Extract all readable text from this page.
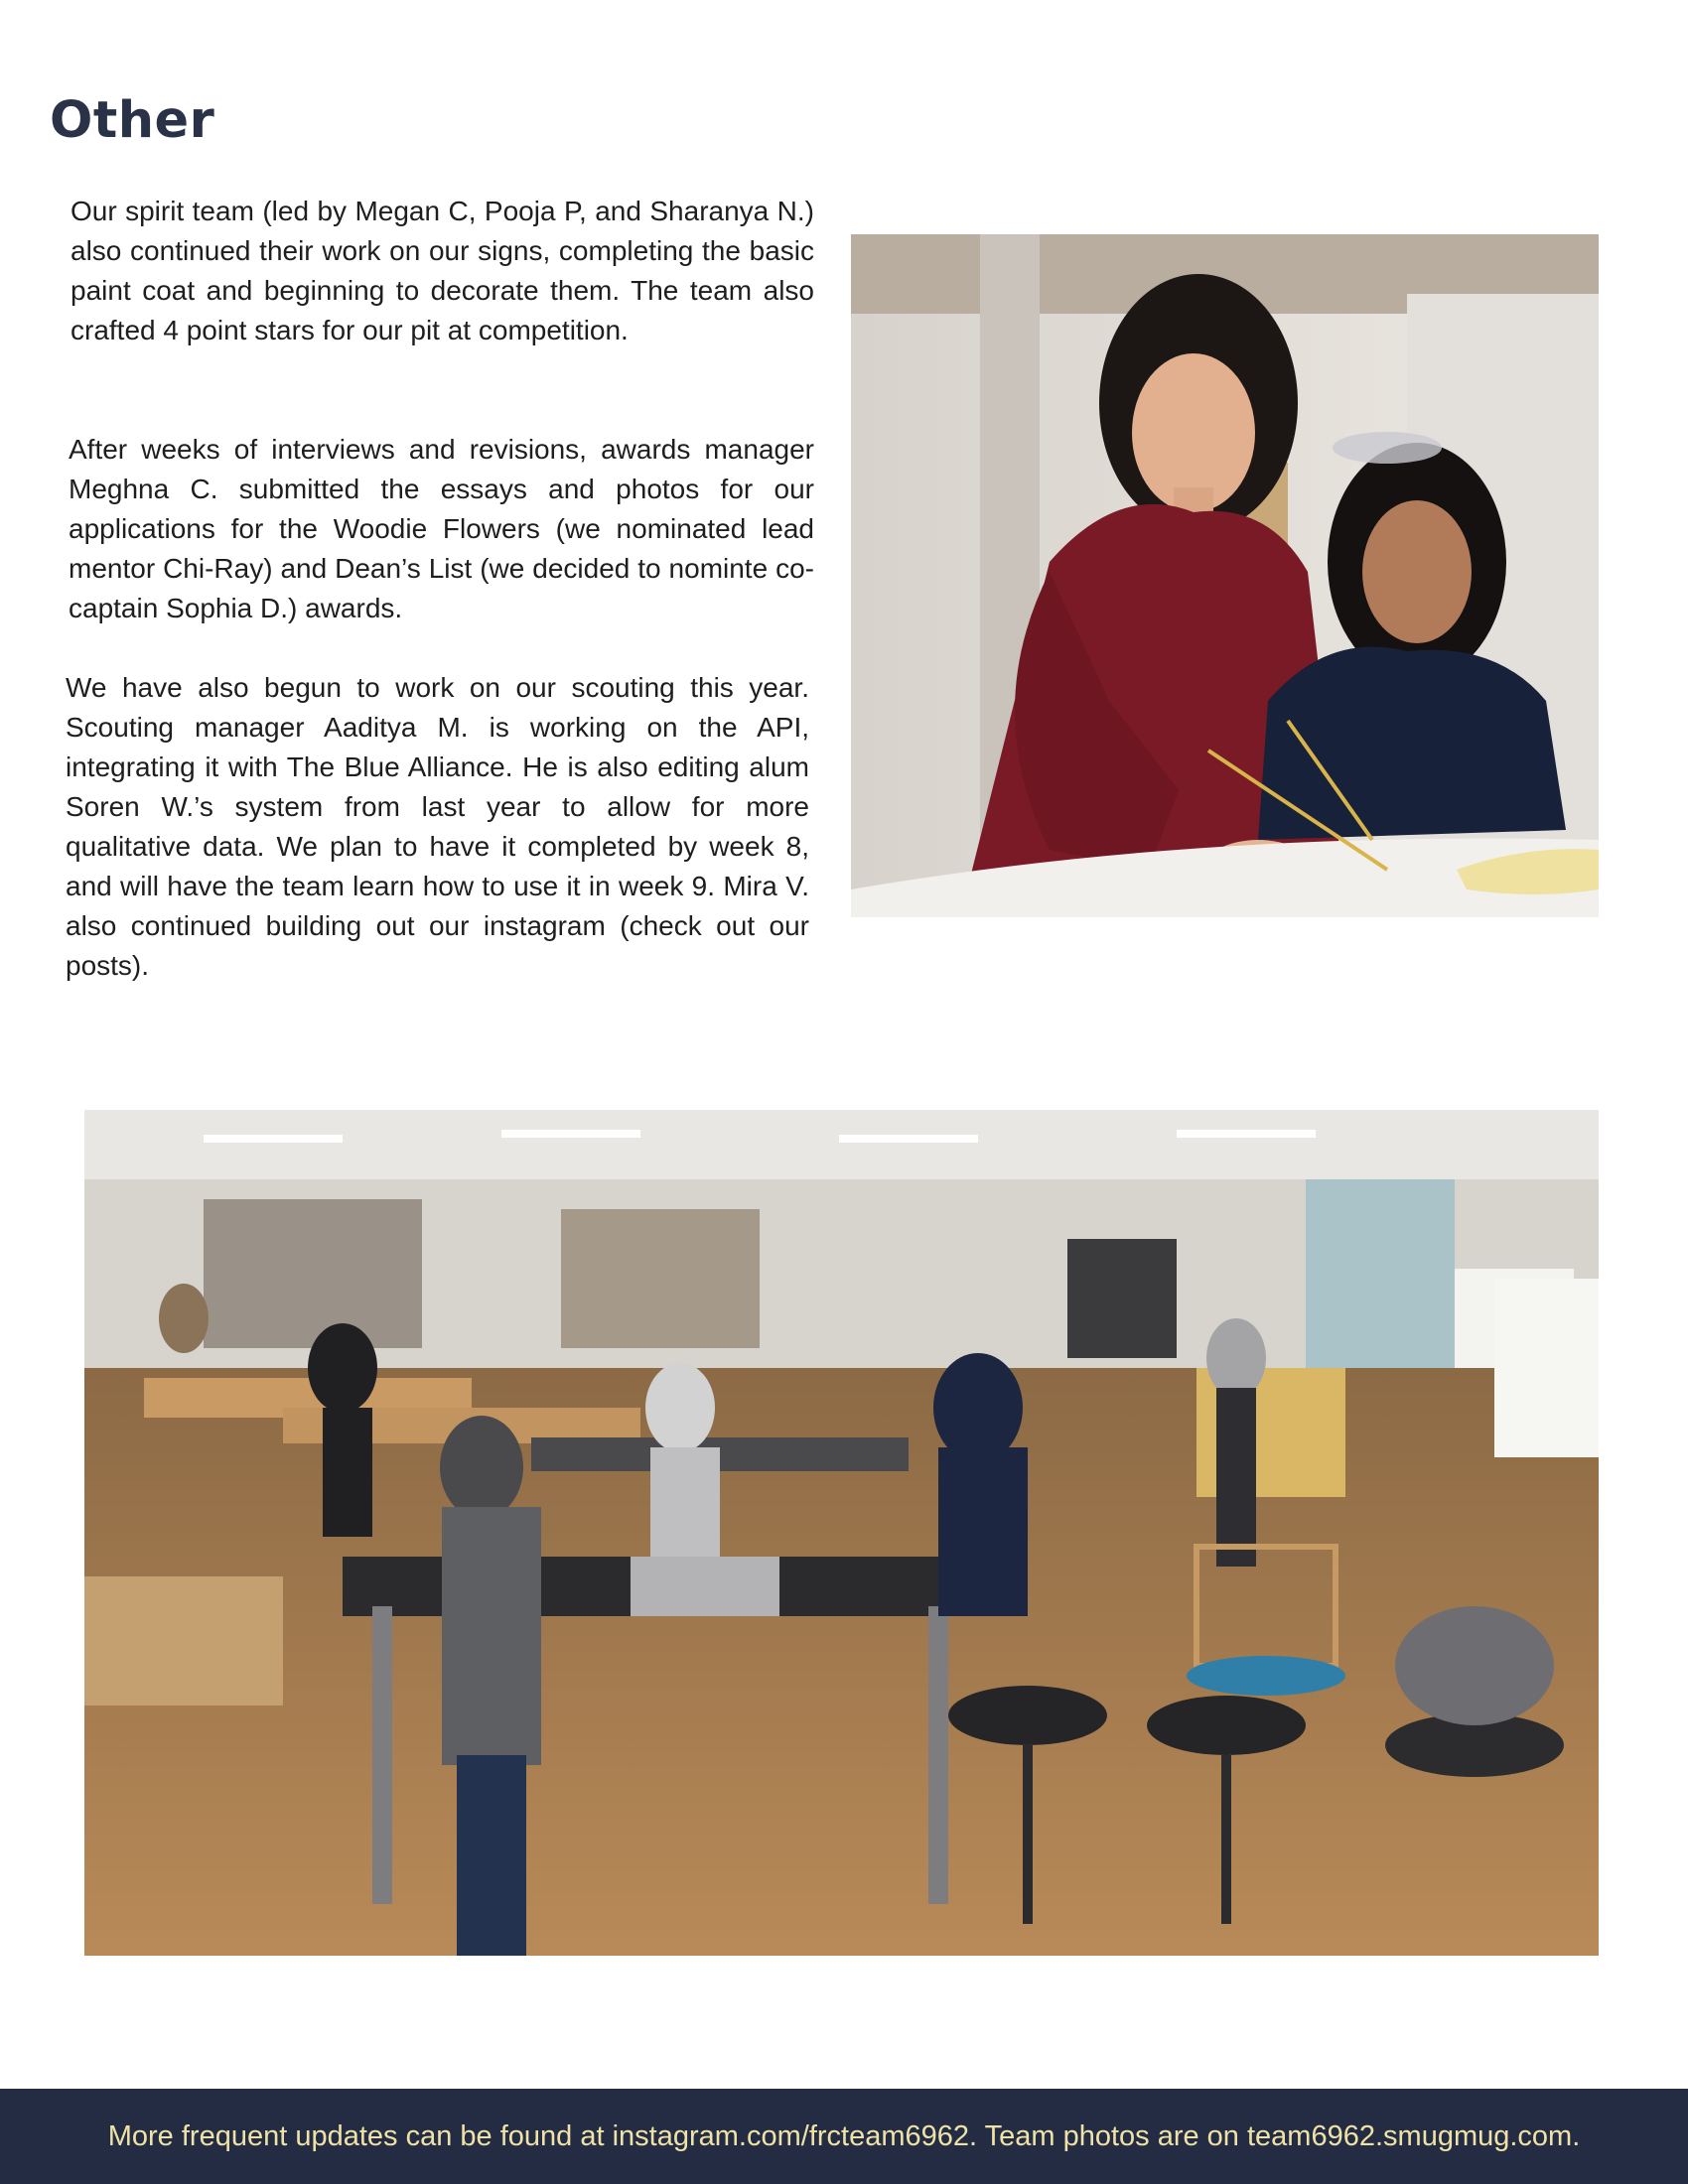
Other

Our spirit team (led by Megan C, Pooja P, and Sharanya N.) also continued their work on our signs, completing the basic paint coat and beginning to decorate them. The team also crafted 4 point stars for our pit at competition.

After weeks of interviews and revisions, awards manager Meghna C. submitted the essays and photos for our applications for the Woodie Flowers (we nominated lead mentor Chi-Ray) and Dean’s List (we decided to nominte co-captain Sophia D.) awards.

We have also begun to work on our scouting this year. Scouting manager Aaditya M. is working on the API, integrating it with The Blue Alliance. He is also editing alum Soren W.’s system from last year to allow for more qualitative data. We plan to have it completed by week 8, and will have the team learn how to use it in week 9. Mira V. also continued building out our instagram (check out our posts).

More frequent updates can be found at instagram.com/frcteam6962. Team photos are on team6962.smugmug.com.
